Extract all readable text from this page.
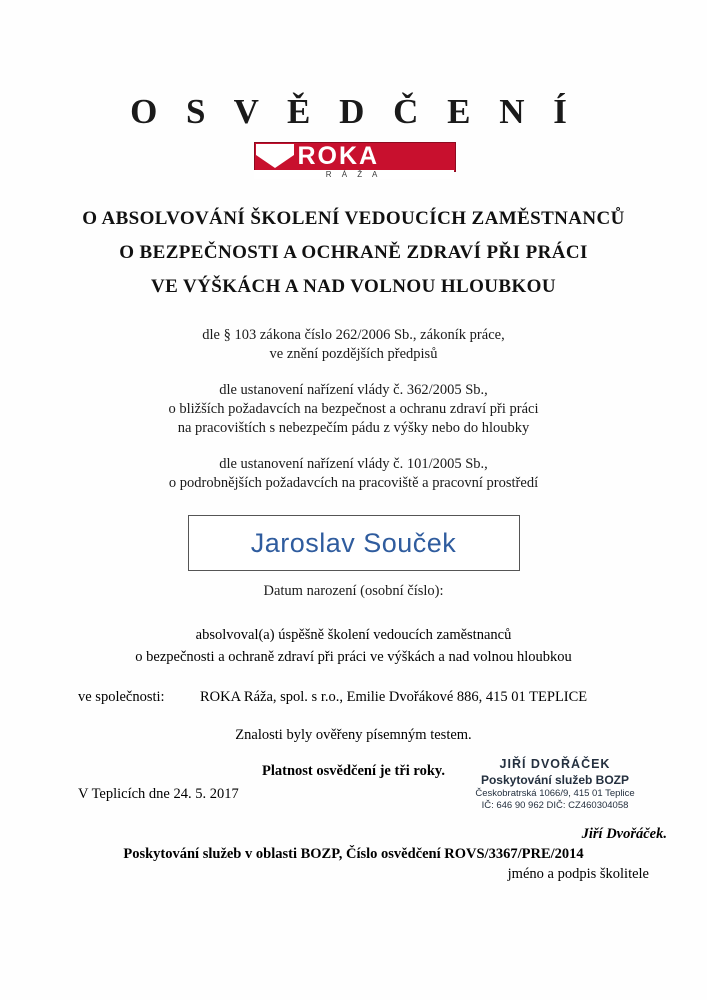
O S V Ě D Č E N Í
ROKA
R Á Ž A
O ABSOLVOVÁNÍ ŠKOLENÍ VEDOUCÍCH ZAMĚSTNANCŮ
O BEZPEČNOSTI A OCHRANĚ ZDRAVÍ PŘI PRÁCI
VE VÝŠKÁCH A NAD VOLNOU HLOUBKOU

dle § 103 zákona číslo 262/2006 Sb., zákoník práce,

ve znění pozdějších předpisů

dle ustanovení nařízení vlády č. 362/2005 Sb.,

o bližších požadavcích na bezpečnost a ochranu zdraví při práci

na pracovištích s nebezpečím pádu z výšky nebo do hloubky

dle ustanovení nařízení vlády č. 101/2005 Sb.,

o podrobnějších požadavcích na pracoviště a pracovní prostředí

Jaroslav Souček
Datum narození (osobní číslo):

absolvoval(a) úspěšně školení vedoucích zaměstnanců

o bezpečnosti a ochraně zdraví při práci ve výškách a nad volnou hloubkou

ve společnosti: ROKA Ráža, spol. s r.o., Emilie Dvořákové 886, 415 01 TEPLICE
Znalosti byly ověřeny písemným testem.
Platnost osvědčení je tři roky.	JIŘÍ DVOŘÁČEK
Poskytování služeb BOZP
Českobratrská 1066/9, 415 01 Teplice
IČ: 646 90 962 DIČ: CZ460304058
V Teplicích dne 24. 5. 2017
Jiří Dvořáček.
Poskytování služeb v oblasti BOZP, Číslo osvědčení ROVS/3367/PRE/2014
jméno a podpis školitele
